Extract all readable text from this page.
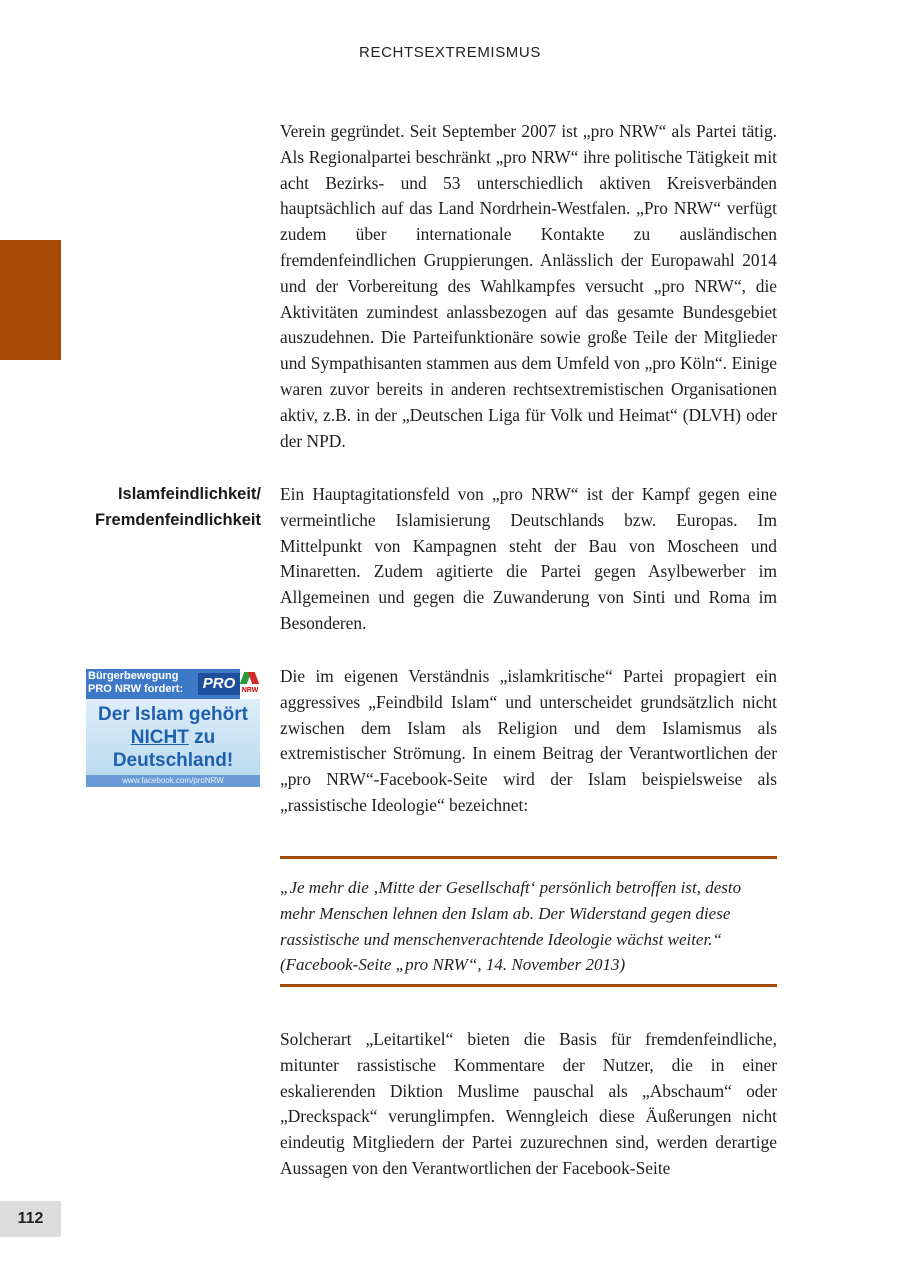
RECHTSEXTREMISMUS

Verein gegründet. Seit September 2007 ist „pro NRW“ als Partei tätig. Als Regionalpartei beschränkt „pro NRW“ ihre politische Tätigkeit mit acht Bezirks- und 53 unterschiedlich aktiven Kreisverbänden hauptsächlich auf das Land Nordrhein-Westfalen. „Pro NRW“ verfügt zudem über internationale Kontakte zu ausländischen fremdenfeindlichen Gruppierungen. Anlässlich der Europawahl 2014 und der Vorbereitung des Wahlkampfes versucht „pro NRW“, die Aktivitäten zumindest anlassbezogen auf das gesamte Bundesgebiet auszudehnen. Die Parteifunktionäre sowie große Teile der Mitglieder und Sympathisanten stammen aus dem Umfeld von „pro Köln“. Einige waren zuvor bereits in anderen rechtsextremistischen Organisationen aktiv, z.B. in der „Deutschen Liga für Volk und Heimat“ (DLVH) oder der NPD.

Islamfeindlichkeit/
Fremdenfeindlichkeit

Ein Hauptagitationsfeld von „pro NRW“ ist der Kampf gegen eine vermeintliche Islamisierung Deutschlands bzw. Europas. Im Mittelpunkt von Kampagnen steht der Bau von Moscheen und Minaretten. Zudem agitierte die Partei gegen Asylbewerber im Allgemeinen und gegen die Zuwanderung von Sinti und Roma im Besonderen.

Bürgerbewegung
PRO NRW fordert:	PRO NRW
Der Islam gehört
NICHT zu
Deutschland!
www.facebook.com/proNRW

Die im eigenen Verständnis „islamkritische“ Partei propagiert ein aggressives „Feindbild Islam“ und unterscheidet grundsätzlich nicht zwischen dem Islam als Religion und dem Islamismus als extremistischer Strömung. In einem Beitrag der Verantwortlichen der „pro NRW“-Facebook-Seite wird der Islam beispielsweise als „rassistische Ideologie“ bezeichnet:

„Je mehr die ‚Mitte der Gesellschaft‘ persönlich betroffen ist, desto mehr Menschen lehnen den Islam ab. Der Widerstand gegen diese rassistische und menschenverachtende Ideologie wächst weiter.“
(Facebook-Seite „pro NRW“, 14. November 2013)

Solcherart „Leitartikel“ bieten die Basis für fremdenfeindliche, mitunter rassistische Kommentare der Nutzer, die in einer eskalierenden Diktion Muslime pauschal als „Abschaum“ oder „Dreckspack“ verunglimpfen. Wenngleich diese Äußerungen nicht eindeutig Mitgliedern der Partei zuzurechnen sind, werden derartige Aussagen von den Verantwortlichen der Facebook-Seite

112
